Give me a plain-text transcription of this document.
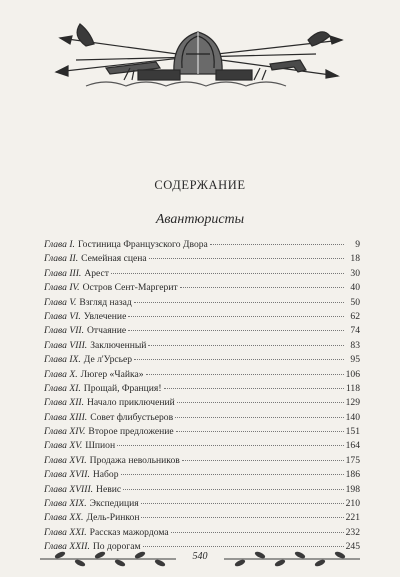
СОДЕРЖАНИЕ
Авантюристы
Глава I. Гостиница Французского Двора	9
Глава II. Семейная сцена	18
Глава III. Арест	30
Глава IV. Остров Сент-Маргерит	40
Глава V. Взгляд назад	50
Глава VI. Увлечение	62
Глава VII. Отчаяние	74
Глава VIII. Заключенный	83
Глава IX. Де л'Урсьер	95
Глава X. Люгер «Чайка»	106
Глава XI. Прощай, Франция!	118
Глава XII. Начало приключений	129
Глава XIII. Совет флибустьеров	140
Глава XIV. Второе предложение	151
Глава XV. Шпион	164
Глава XVI. Продажа невольников	175
Глава XVII. Набор	186
Глава XVIII. Невис	198
Глава XIX. Экспедиция	210
Глава XX. Дель-Ринкон	221
Глава XXI. Рассказ мажордома	232
Глава XXII. По дорогам	245
540
